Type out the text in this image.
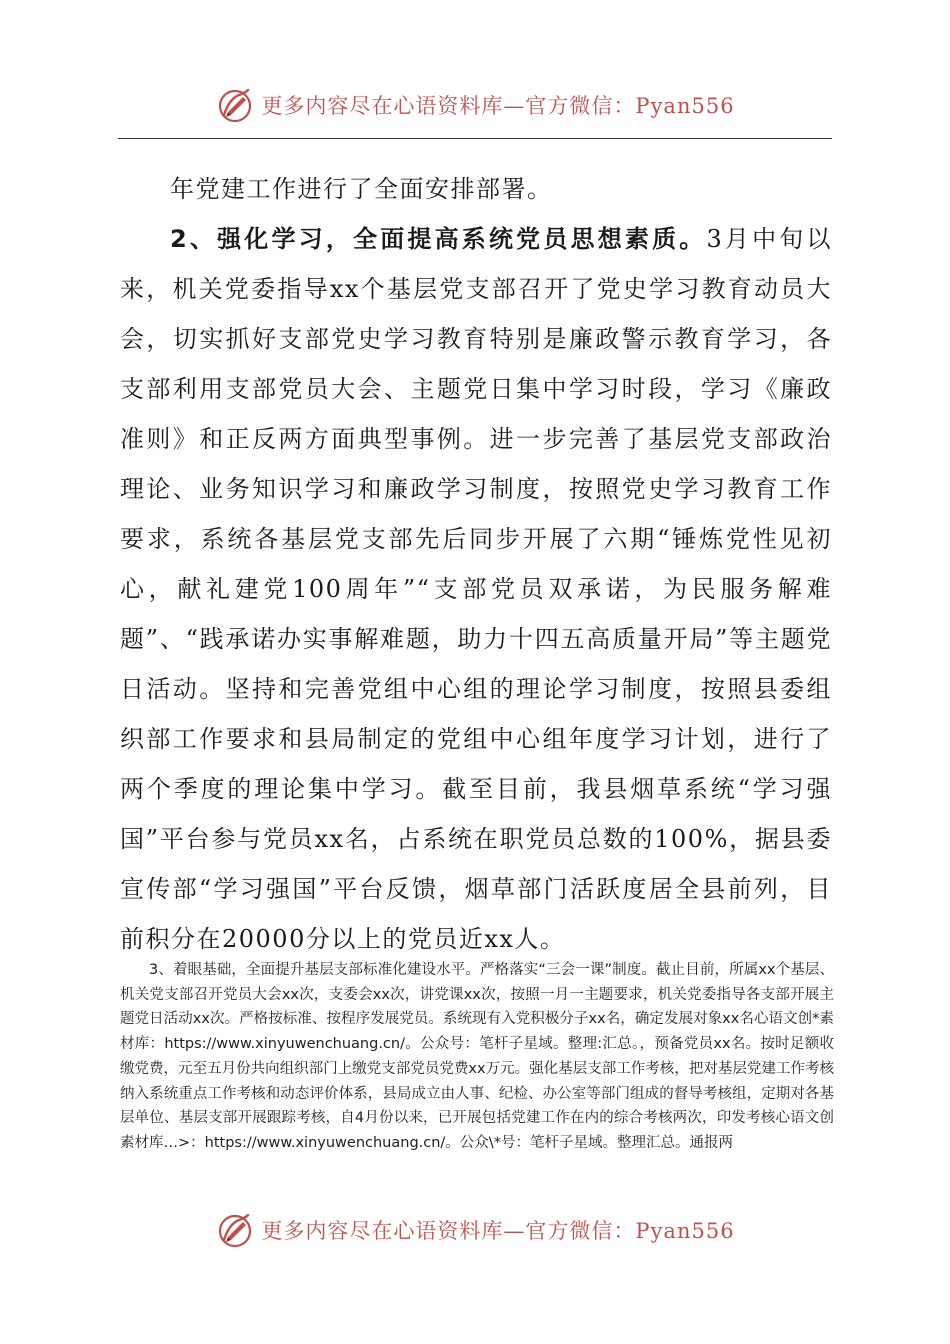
更多内容尽在心语资料库—官方微信：Pyan556

年党建工作进行了全面安排部署。

2、强化学习，全面提高系统党员思想素质。3月中旬以来，机关党委指导xx个基层党支部召开了党史学习教育动员大会，切实抓好支部党史学习教育特别是廉政警示教育学习，各支部利用支部党员大会、主题党日集中学习时段，学习《廉政准则》和正反两方面典型事例。进一步完善了基层党支部政治理论、业务知识学习和廉政学习制度，按照党史学习教育工作要求，系统各基层党支部先后同步开展了六期“锤炼党性见初心，献礼建党100周年”“支部党员双承诺，为民服务解难题”、“践承诺办实事解难题，助力十四五高质量开局”等主题党日活动。坚持和完善党组中心组的理论学习制度，按照县委组织部工作要求和县局制定的党组中心组年度学习计划，进行了两个季度的理论集中学习。截至目前，我县烟草系统“学习强国”平台参与党员xx名，占系统在职党员总数的100%，据县委宣传部“学习强国”平台反馈，烟草部门活跃度居全县前列，目前积分在20000分以上的党员近xx人。

3、着眼基础，全面提升基层支部标准化建设水平。严格落实“三会一课”制度。截止目前，所属xx个基层、机关党支部召开党员大会xx次，支委会xx次，讲党课xx次，按照一月一主题要求，机关党委指导各支部开展主题党日活动xx次。严格按标准、按程序发展党员。系统现有入党积极分子xx名，确定发展对象xx名心语文创*素材库：https://www.xinyuwenchuang.cn/。公众号：笔杆子星域。整理:汇总。，预备党员xx名。按时足额收缴党费，元至五月份共向组织部门上缴党支部党员党费xx万元。强化基层支部工作考核，把对基层党建工作考核纳入系统重点工作考核和动态评价体系，县局成立由人事、纪检、办公室等部门组成的督导考核组，定期对各基层单位、基层支部开展跟踪考核，自4月份以来，已开展包括党建工作在内的综合考核两次，印发考核心语文创素材库…>：https://www.xinyuwenchuang.cn/。公众\*号：笔杆子星域。整理汇总。通报两

更多内容尽在心语资料库—官方微信：Pyan556
